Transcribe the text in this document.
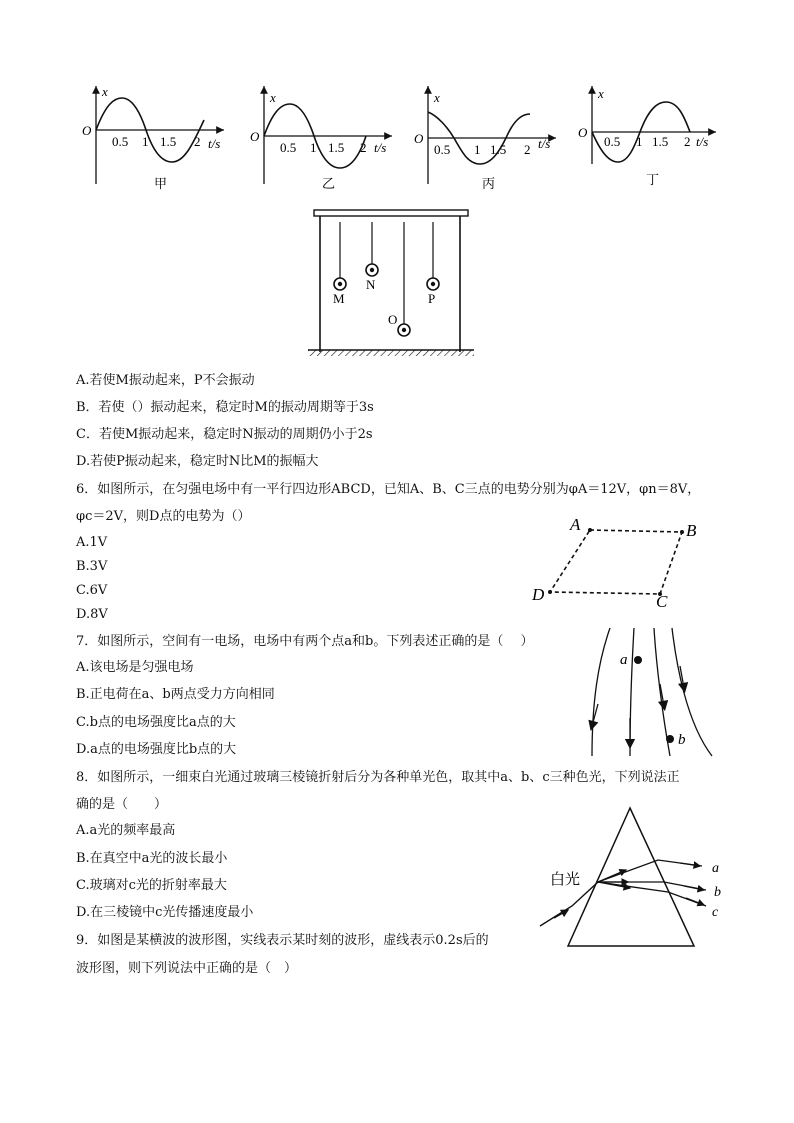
x
O
0.5 1 1.5 2 t/s
甲
x
O
0.5 1 1.5 2 t/s
乙
x
O
0.5 1 1.5 2 t/s
丙
x
O
0.5 1 1.5 2 t/s
丁
M
N
O
P
A.若使M振动起来，P不会振动
B．若使（）振动起来，稳定时M的振动周期等于3s
C．若使M振动起来，稳定时N振动的周期仍小于2s
D.若使P振动起来，稳定时N比M的振幅大
6．如图所示，在匀强电场中有一平行四边形ABCD，已知A、B、C三点的电势分别为φA＝12V，φn＝8V，
φc＝2V，则D点的电势为（）
A.1V
B.3V
C.6V
D.8V
A	B
C
D
7．如图所示，空间有一电场，电场中有两个点a和b。下列表述正确的是（　 ）
A.该电场是匀强电场
B.正电荷在a、b两点受力方向相同
C.b点的电场强度比a点的大
D.a点的电场强度比b点的大
a
b
8．如图所示，一细束白光通过玻璃三棱镜折射后分为各种单光色，取其中a、b、c三种色光，下列说法正
确的是（　　）
A.a光的频率最高
B.在真空中a光的波长最小
C.玻璃对c光的折射率最大
D.在三棱镜中c光传播速度最小
白光
a
b
c
9．如图是某横波的波形图，实线表示某时刻的波形，虚线表示0.2s后的
波形图，则下列说法中正确的是（　）
